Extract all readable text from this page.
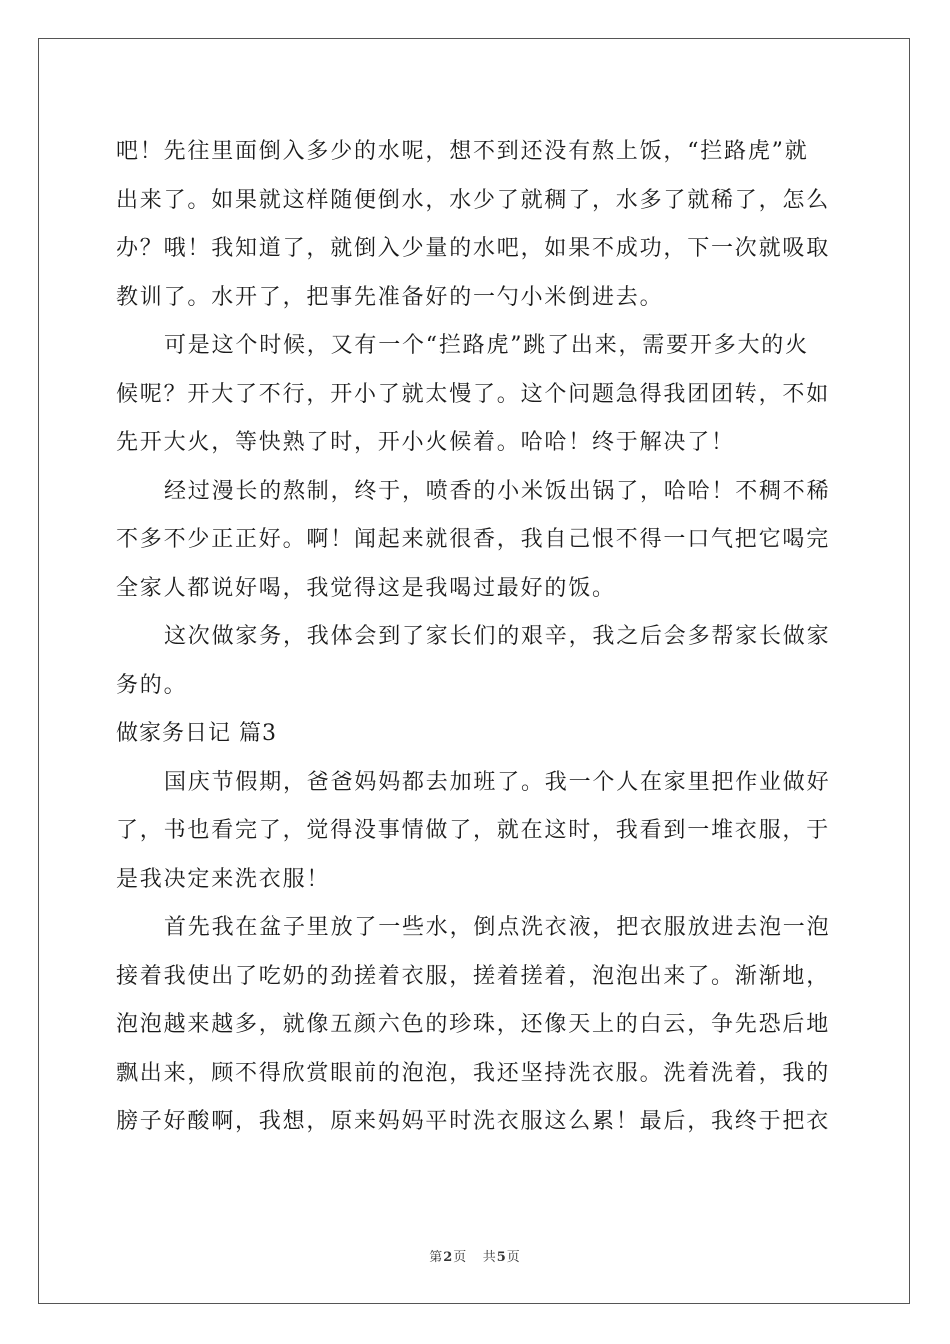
吧！先往里面倒入多少的水呢，想不到还没有熬上饭，“拦路虎”就
出来了。如果就这样随便倒水，水少了就稠了，水多了就稀了，怎么
办？哦！我知道了，就倒入少量的水吧，如果不成功，下一次就吸取
教训了。水开了，把事先准备好的一勺小米倒进去。
可是这个时候，又有一个“拦路虎”跳了出来，需要开多大的火
候呢？开大了不行，开小了就太慢了。这个问题急得我团团转，不如
先开大火，等快熟了时，开小火候着。哈哈！终于解决了！
经过漫长的熬制，终于，喷香的小米饭出锅了，哈哈！不稠不稀
不多不少正正好。啊！闻起来就很香，我自己恨不得一口气把它喝完
全家人都说好喝，我觉得这是我喝过最好的饭。
这次做家务，我体会到了家长们的艰辛，我之后会多帮家长做家
务的。
做家务日记 篇3
国庆节假期，爸爸妈妈都去加班了。我一个人在家里把作业做好
了，书也看完了，觉得没事情做了，就在这时，我看到一堆衣服，于
是我决定来洗衣服！
首先我在盆子里放了一些水，倒点洗衣液，把衣服放进去泡一泡
接着我使出了吃奶的劲搓着衣服，搓着搓着，泡泡出来了。渐渐地，
泡泡越来越多，就像五颜六色的珍珠，还像天上的白云，争先恐后地
飘出来，顾不得欣赏眼前的泡泡，我还坚持洗衣服。洗着洗着，我的
膀子好酸啊，我想，原来妈妈平时洗衣服这么累！最后，我终于把衣
第2页 共5页
